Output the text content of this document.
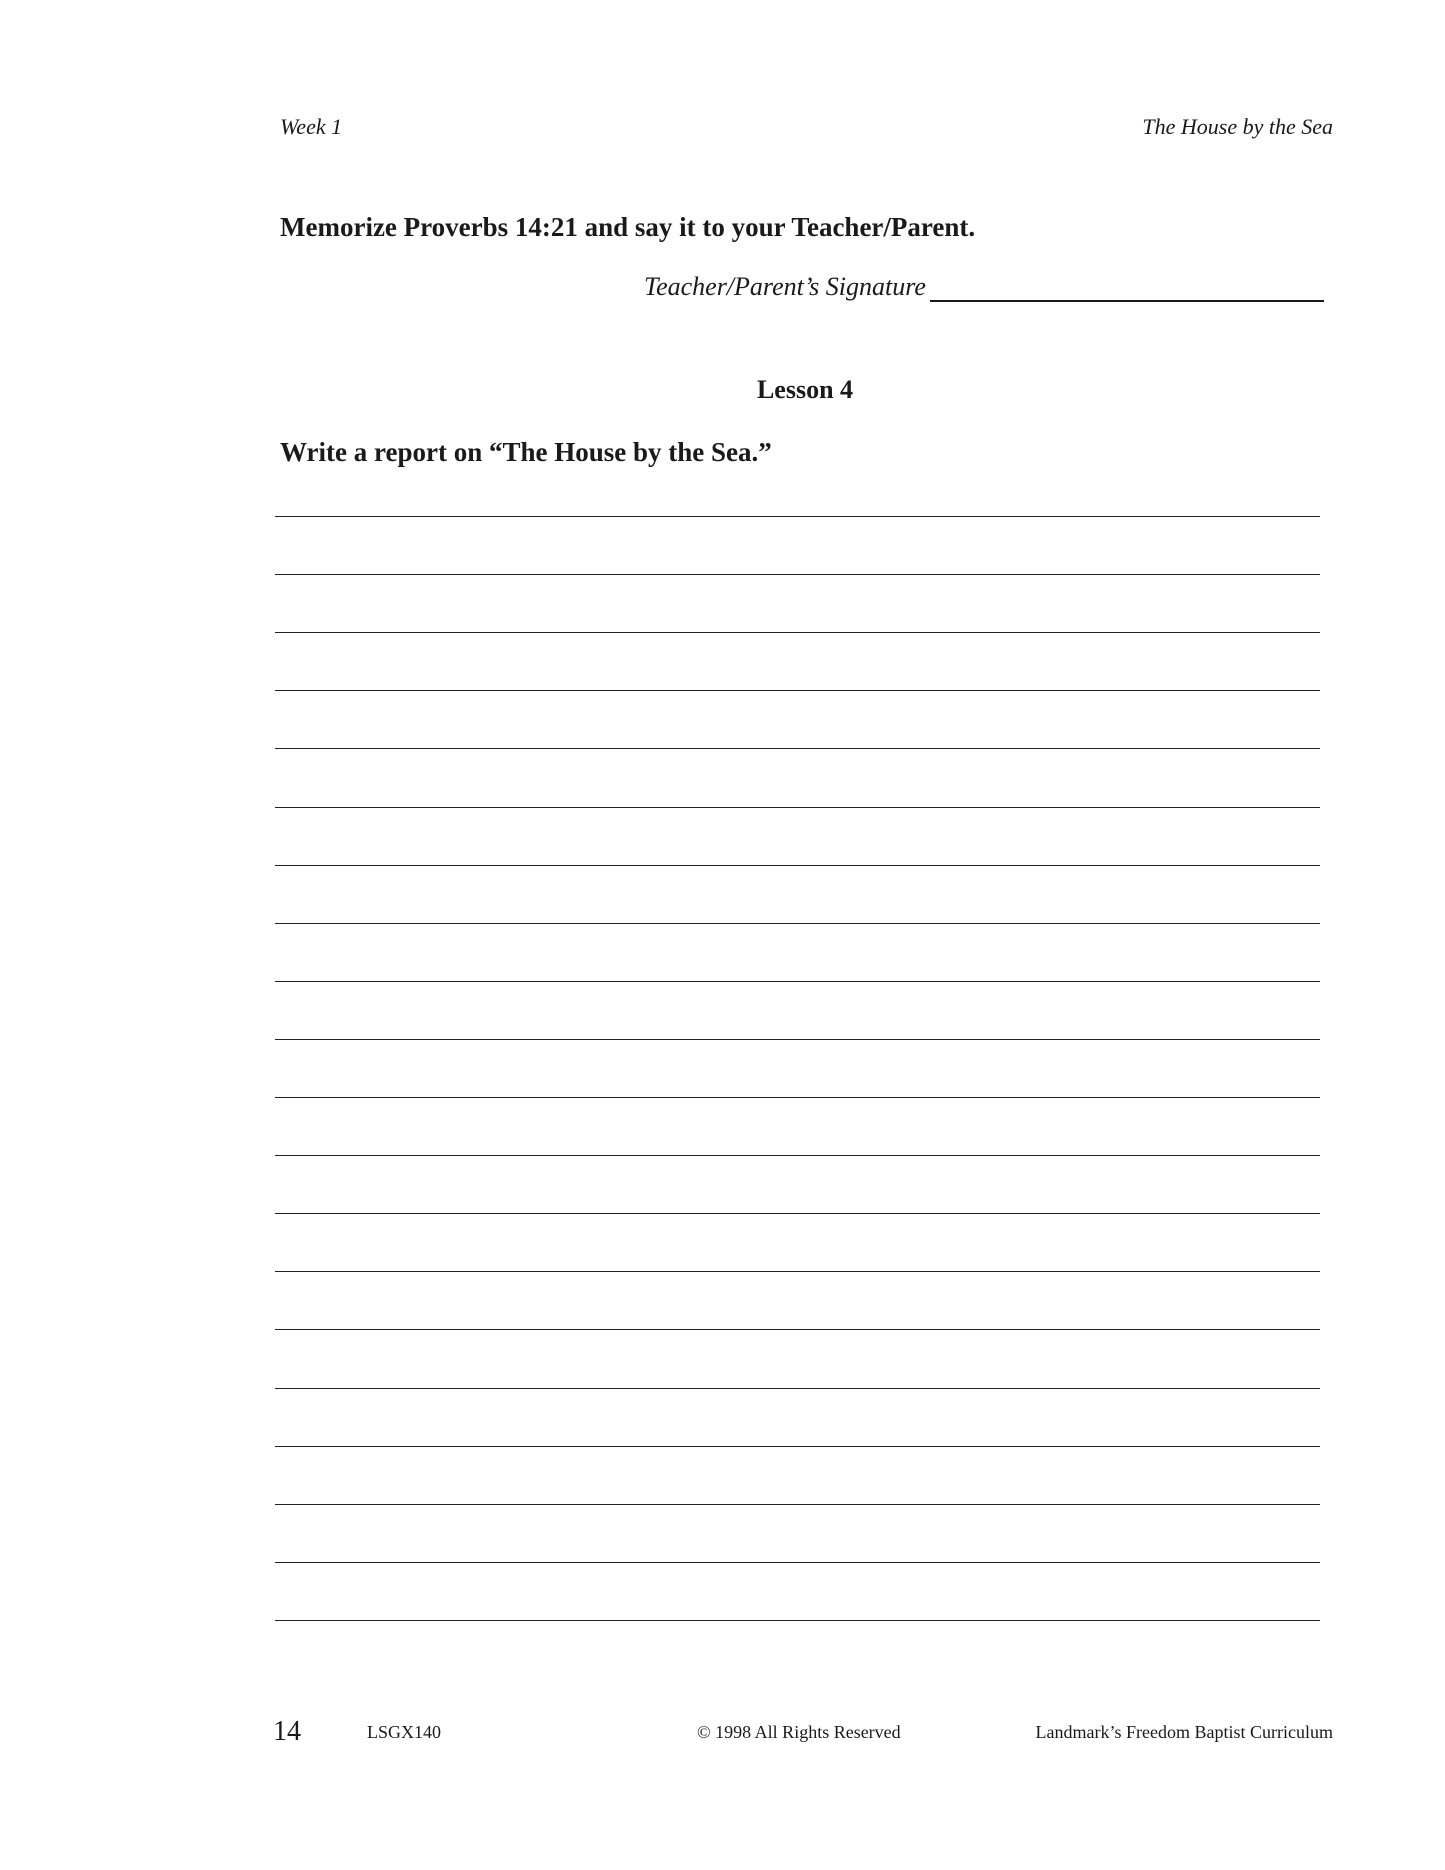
Week 1	The House by the Sea
Memorize Proverbs 14:21 and say it to your Teacher/Parent.
Teacher/Parent’s Signature
Lesson 4
Write a report on “The House by the Sea.”
14	LSGX140	© 1998 All Rights Reserved	Landmark’s Freedom Baptist Curriculum
